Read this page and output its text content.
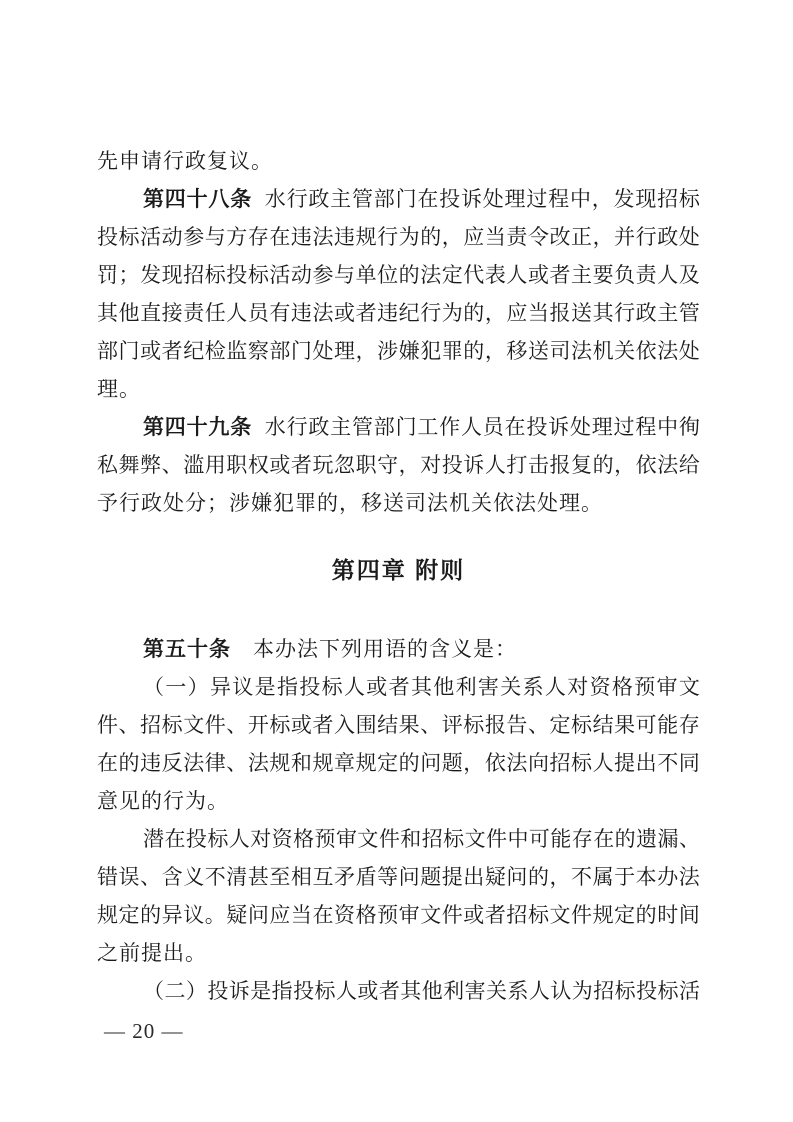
先申请行政复议。
第 四 十 八 条 水 行 政 主 管 部 门 在 投 诉 处 理 过 程 中 ， 发 现 招 标
投 标 活 动 参 与 方 存 在 违 法 违 规 行 为 的 ， 应 当 责 令 改 正 ， 并 行 政 处
罚 ； 发 现 招 标 投 标 活 动 参 与 单 位 的 法 定 代 表 人 或 者 主 要 负 责 人 及
其 他 直 接 责 任 人 员 有 违 法 或 者 违 纪 行 为 的 ， 应 当 报 送 其 行 政 主 管
部 门 或 者 纪 检 监 察 部 门 处 理 ， 涉 嫌 犯 罪 的 ， 移 送 司 法 机 关 依 法 处
理。
第 四 十 九 条 水 行 政 主 管 部 门 工 作 人 员 在 投 诉 处 理 过 程 中 徇
私 舞 弊 、 滥 用 职 权 或 者 玩 忽 职 守 ， 对 投 诉 人 打 击 报 复 的 ， 依 法 给
予行政处分；涉嫌犯罪的，移送司法机关依法处理。
第四章 附则
第五十条　本办法下列用语的含义是：
（ 一 ） 异 议 是 指 投 标 人 或 者 其 他 利 害 关 系 人 对 资 格 预 审 文
件 、 招 标 文 件 、 开 标 或 者 入 围 结 果 、 评 标 报 告 、 定 标 结 果 可 能 存
在 的 违 反 法 律 、 法 规 和 规 章 规 定 的 问 题 ， 依 法 向 招 标 人 提 出 不 同
意见的行为。
潜 在 投 标 人 对 资 格 预 审 文 件 和 招 标 文 件 中 可 能 存 在 的 遗 漏 、
错 误 、 含 义 不 清 甚 至 相 互 矛 盾 等 问 题 提 出 疑 问 的 ， 不 属 于 本 办 法
规 定 的 异 议 。 疑 问 应 当 在 资 格 预 审 文 件 或 者 招 标 文 件 规 定 的 时 间
之前提出。
（ 二 ） 投 诉 是 指 投 标 人 或 者 其 他 利 害 关 系 人 认 为 招 标 投 标 活
— 20 —
